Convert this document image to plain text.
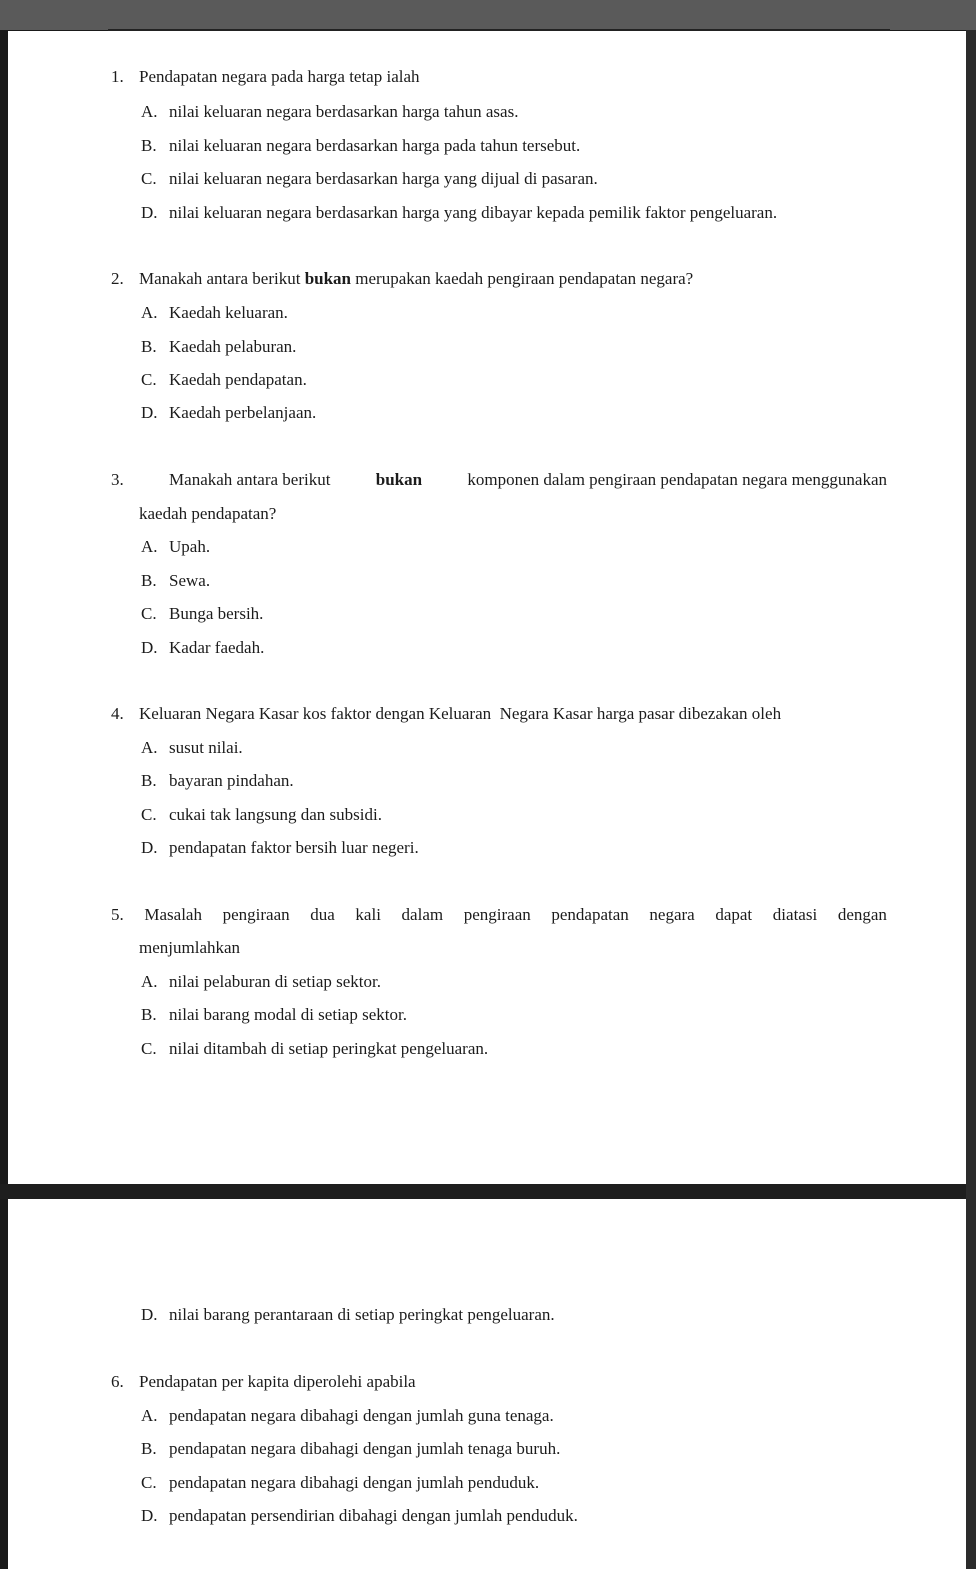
1. Pendapatan negara pada harga tetap ialah
A. nilai keluaran negara berdasarkan harga tahun asas.
B. nilai keluaran negara berdasarkan harga pada tahun tersebut.
C. nilai keluaran negara berdasarkan harga yang dijual di pasaran.
D. nilai keluaran negara berdasarkan harga yang dibayar kepada pemilik faktor pengeluaran.
2. Manakah antara berikut bukan merupakan kaedah pengiraan pendapatan negara?
A. Kaedah keluaran.
B. Kaedah pelaburan.
C. Kaedah pendapatan.
D. Kaedah perbelanjaan.
3.	Manakah antara berikut	bukan	komponen dalam pengiraan pendapatan negara menggunakan
kaedah pendapatan?
A. Upah.
B. Sewa.
C. Bunga bersih.
D. Kadar faedah.
4. Keluaran Negara Kasar kos faktor dengan Keluaran  Negara Kasar harga pasar dibezakan oleh
A. susut nilai.
B. bayaran pindahan.
C. cukai tak langsung dan subsidi.
D. pendapatan faktor bersih luar negeri.
5. Masalah pengiraan dua kali dalam pengiraan pendapatan negara dapat diatasi dengan
menjumlahkan
A. nilai pelaburan di setiap sektor.
B. nilai barang modal di setiap sektor.
C. nilai ditambah di setiap peringkat pengeluaran.
D. nilai barang perantaraan di setiap peringkat pengeluaran.
6. Pendapatan per kapita diperolehi apabila
A. pendapatan negara dibahagi dengan jumlah guna tenaga.
B. pendapatan negara dibahagi dengan jumlah tenaga buruh.
C. pendapatan negara dibahagi dengan jumlah penduduk.
D. pendapatan persendirian dibahagi dengan jumlah penduduk.
